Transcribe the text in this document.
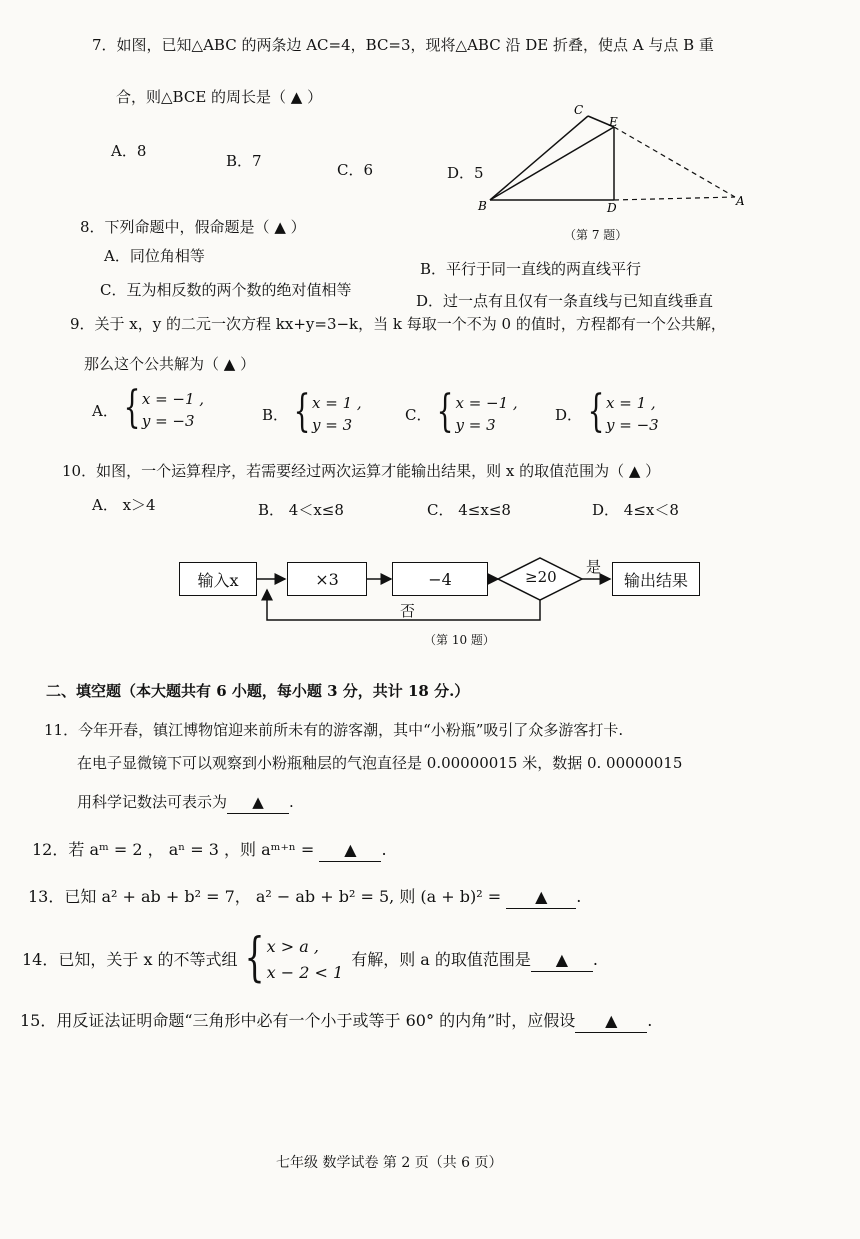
7．如图，已知△ABC 的两条边 AC=4，BC=3，现将△ABC 沿 DE 折叠，使点 A 与点 B 重
合，则△BCE 的周长是（ ▲ ）
A．8
B．7	C．6	D．5
C
E
B	D	A
（第 7 题）
8．下列命题中，假命题是（ ▲ ）
A．同位角相等
B．平行于同一直线的两直线平行
C．互为相反数的两个数的绝对值相等
D．过一点有且仅有一条直线与已知直线垂直
9．关于 x，y 的二元一次方程 kx+y=3−k，当 k 每取一个不为 0 的值时，方程都有一个公共解，
那么这个公共解为（ ▲ ）
A． { x = −1 ,
y = −3	B． { x = 1 ,
y = 3
C． { x = −1 ,
y = 3
D． { x = 1 ,
y = −3
10．如图，一个运算程序，若需要经过两次运算才能输出结果，则 x 的取值范围为（ ▲ ）
A． x＞4	B． 4＜x≤8	C． 4≤x≤8	D． 4≤x＜8
输入x	×3	−4	≥20
是
否
输出结果
（第 10 题）
二、填空题（本大题共有 6 小题，每小题 3 分，共计 18 分.）
11．今年开春，镇江博物馆迎来前所未有的游客潮，其中“小粉瓶”吸引了众多游客打卡.
在电子显微镜下可以观察到小粉瓶釉层的气泡直径是 0.00000015 米，数据 0. 00000015
用科学记数法可表示为 ▲ .
12．若 aᵐ = 2 ， aⁿ = 3 ，则 aᵐ⁺ⁿ = ▲ .
13．已知 a² + ab + b² = 7， a² − ab + b² = 5, 则 (a + b)² = ▲ .
14．已知，关于 x 的不等式组 { x > a ,
x − 2 < 1
有解，则 a 的取值范围是	▲	.
15．用反证法证明命题“三角形中必有一个小于或等于 60° 的内角”时，应假设 ▲ .
七年级 数学试卷 第 2 页（共 6 页）
